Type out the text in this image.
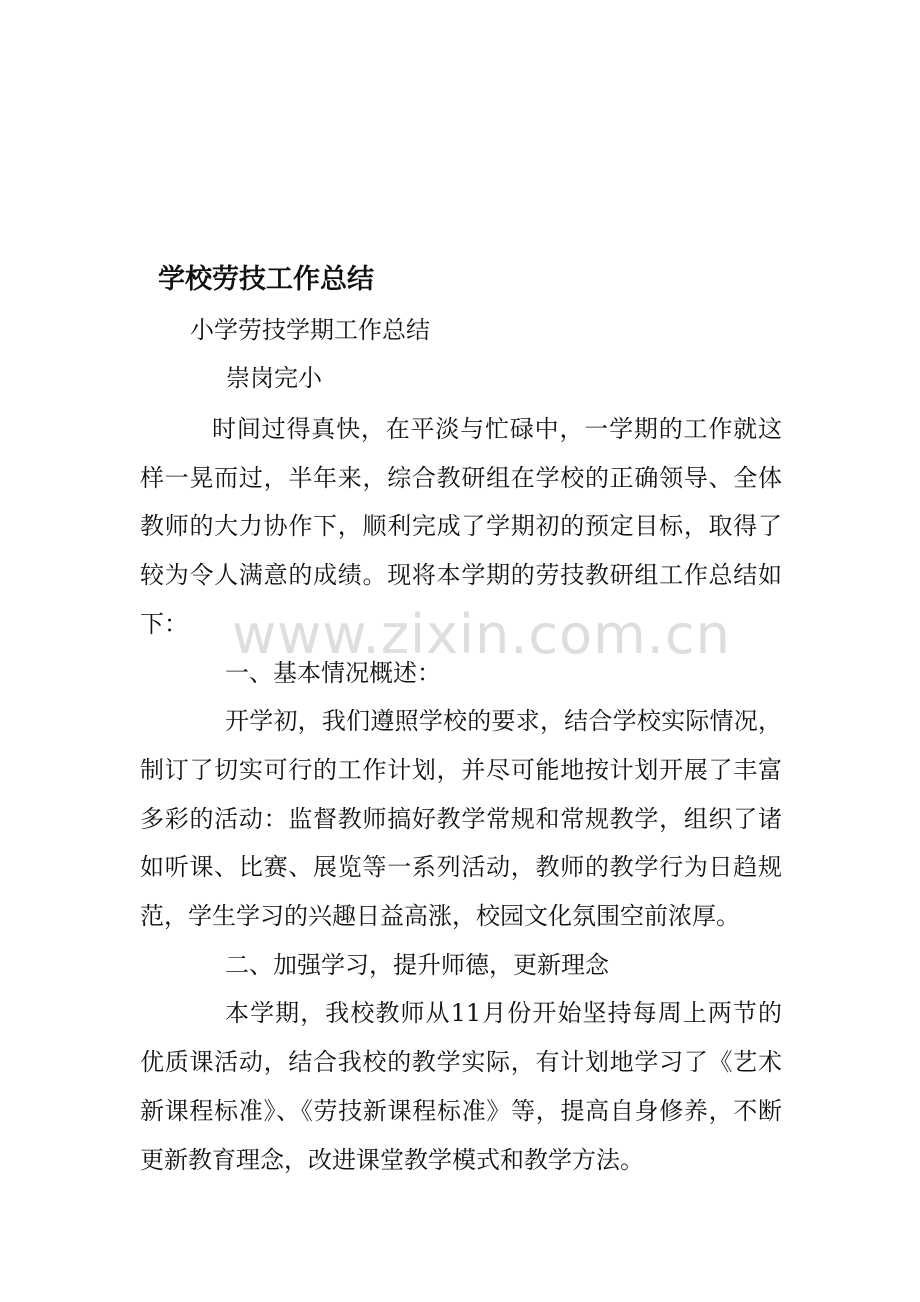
学校劳技工作总结
小学劳技学期工作总结
崇岗完小

时间过得真快，在平淡与忙碌中，一学期的工作就这样一晃而过，半年来，综合教研组在学校的正确领导、全体教师的大力协作下，顺利完成了学期初的预定目标，取得了较为令人满意的成绩。现将本学期的劳技教研组工作总结如下：

一、基本情况概述：

开学初，我们遵照学校的要求，结合学校实际情况，制订了切实可行的工作计划，并尽可能地按计划开展了丰富多彩的活动：监督教师搞好教学常规和常规教学，组织了诸如听课、比赛、展览等一系列活动，教师的教学行为日趋规范，学生学习的兴趣日益高涨，校园文化氛围空前浓厚。

二、加强学习，提升师德，更新理念

本学期，我校教师从11月份开始坚持每周上两节的优质课活动，结合我校的教学实际，有计划地学习了《艺术新课程标准》、《劳技新课程标准》等，提高自身修养，不断更新教育理念，改进课堂教学模式和教学方法。

www.zixin.com.cn
